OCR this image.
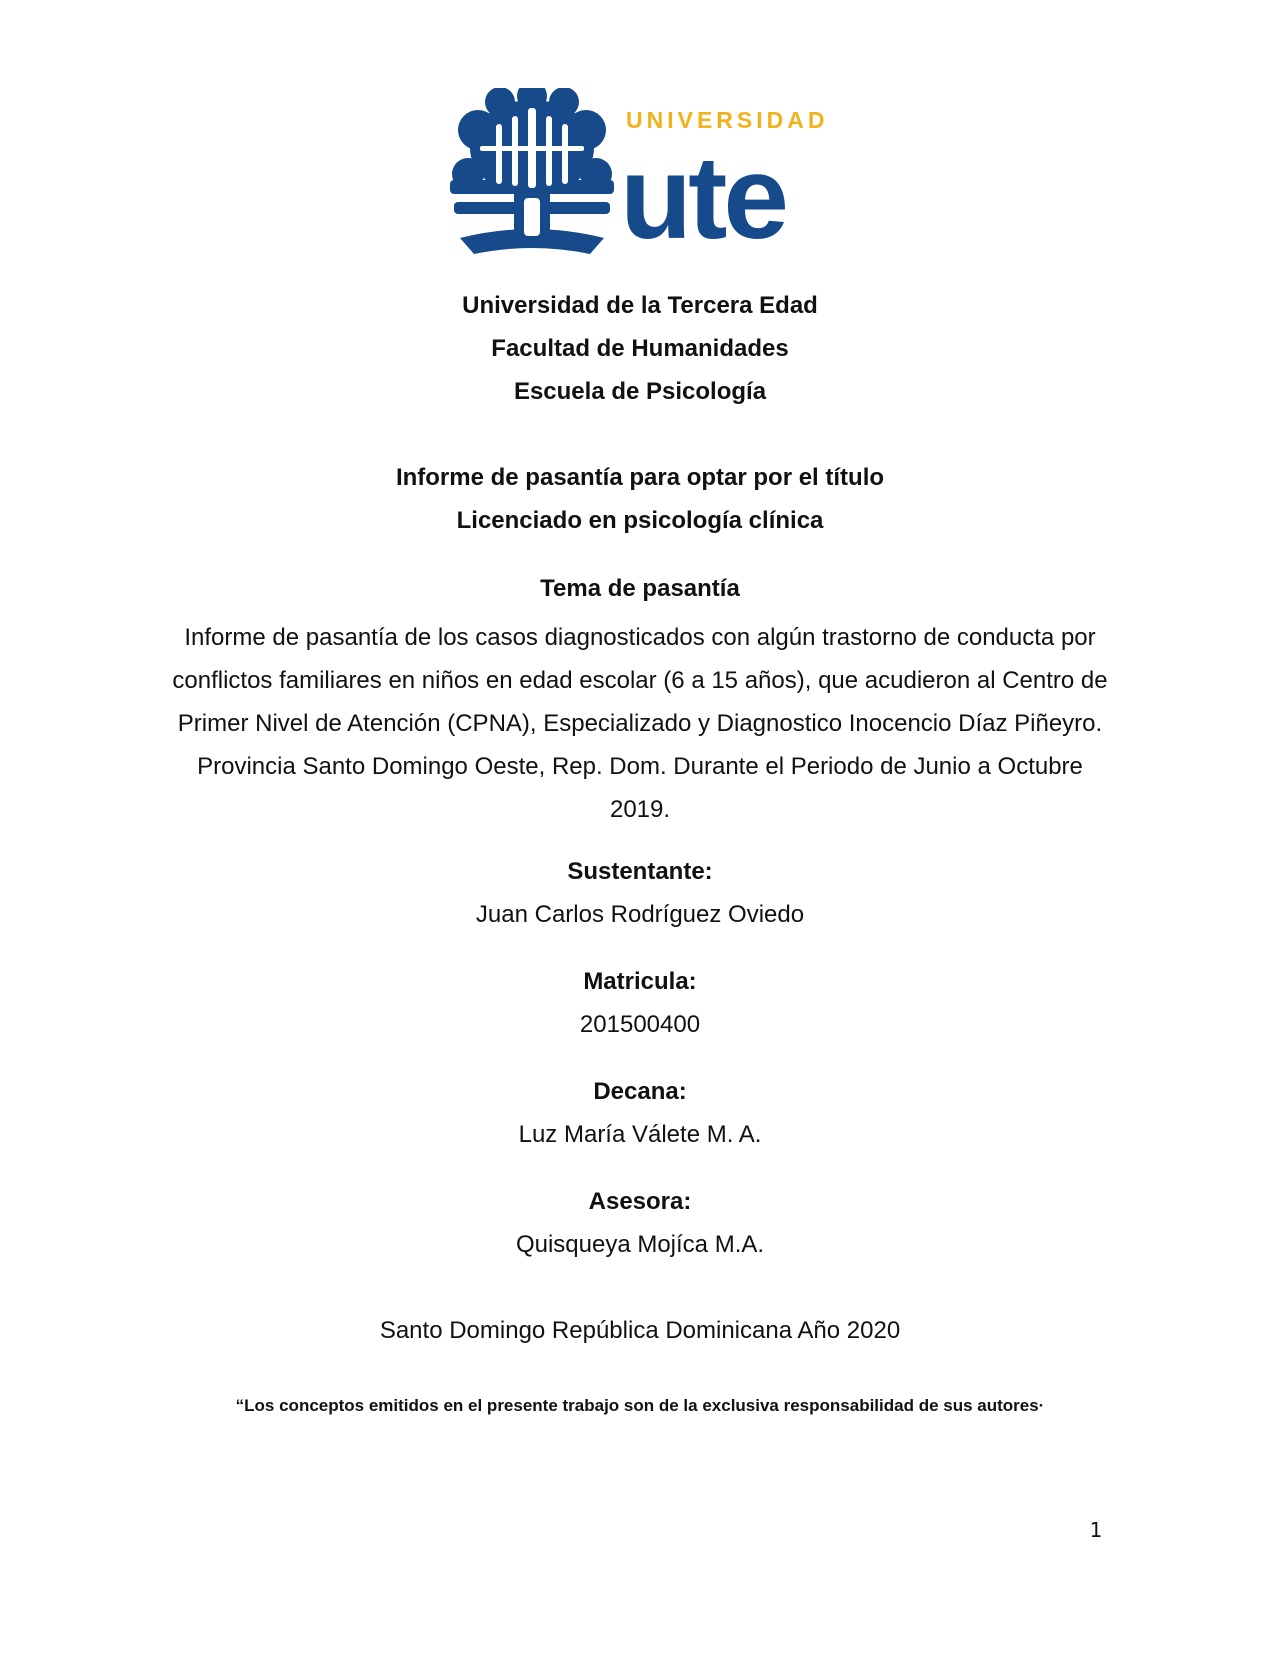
UNIVERSIDAD
ute
Universidad de la Tercera Edad
Facultad de Humanidades
Escuela de Psicología
Informe de pasantía para optar por el título
Licenciado en psicología clínica
Tema de pasantía
Informe de pasantía de los casos diagnosticados con algún trastorno de conducta por conflictos familiares en niños en edad escolar (6 a 15 años), que acudieron al Centro de Primer Nivel de Atención (CPNA), Especializado y Diagnostico Inocencio Díaz Piñeyro. Provincia Santo Domingo Oeste, Rep. Dom. Durante el Periodo de Junio a Octubre 2019.
Sustentante:
Juan Carlos Rodríguez Oviedo
Matricula:
201500400
Decana:
Luz María Válete M. A.
Asesora:
Quisqueya Mojíca M.A.
Santo Domingo República Dominicana Año 2020
“Los conceptos emitidos en el presente trabajo son de la exclusiva responsabilidad de sus autores·
1
